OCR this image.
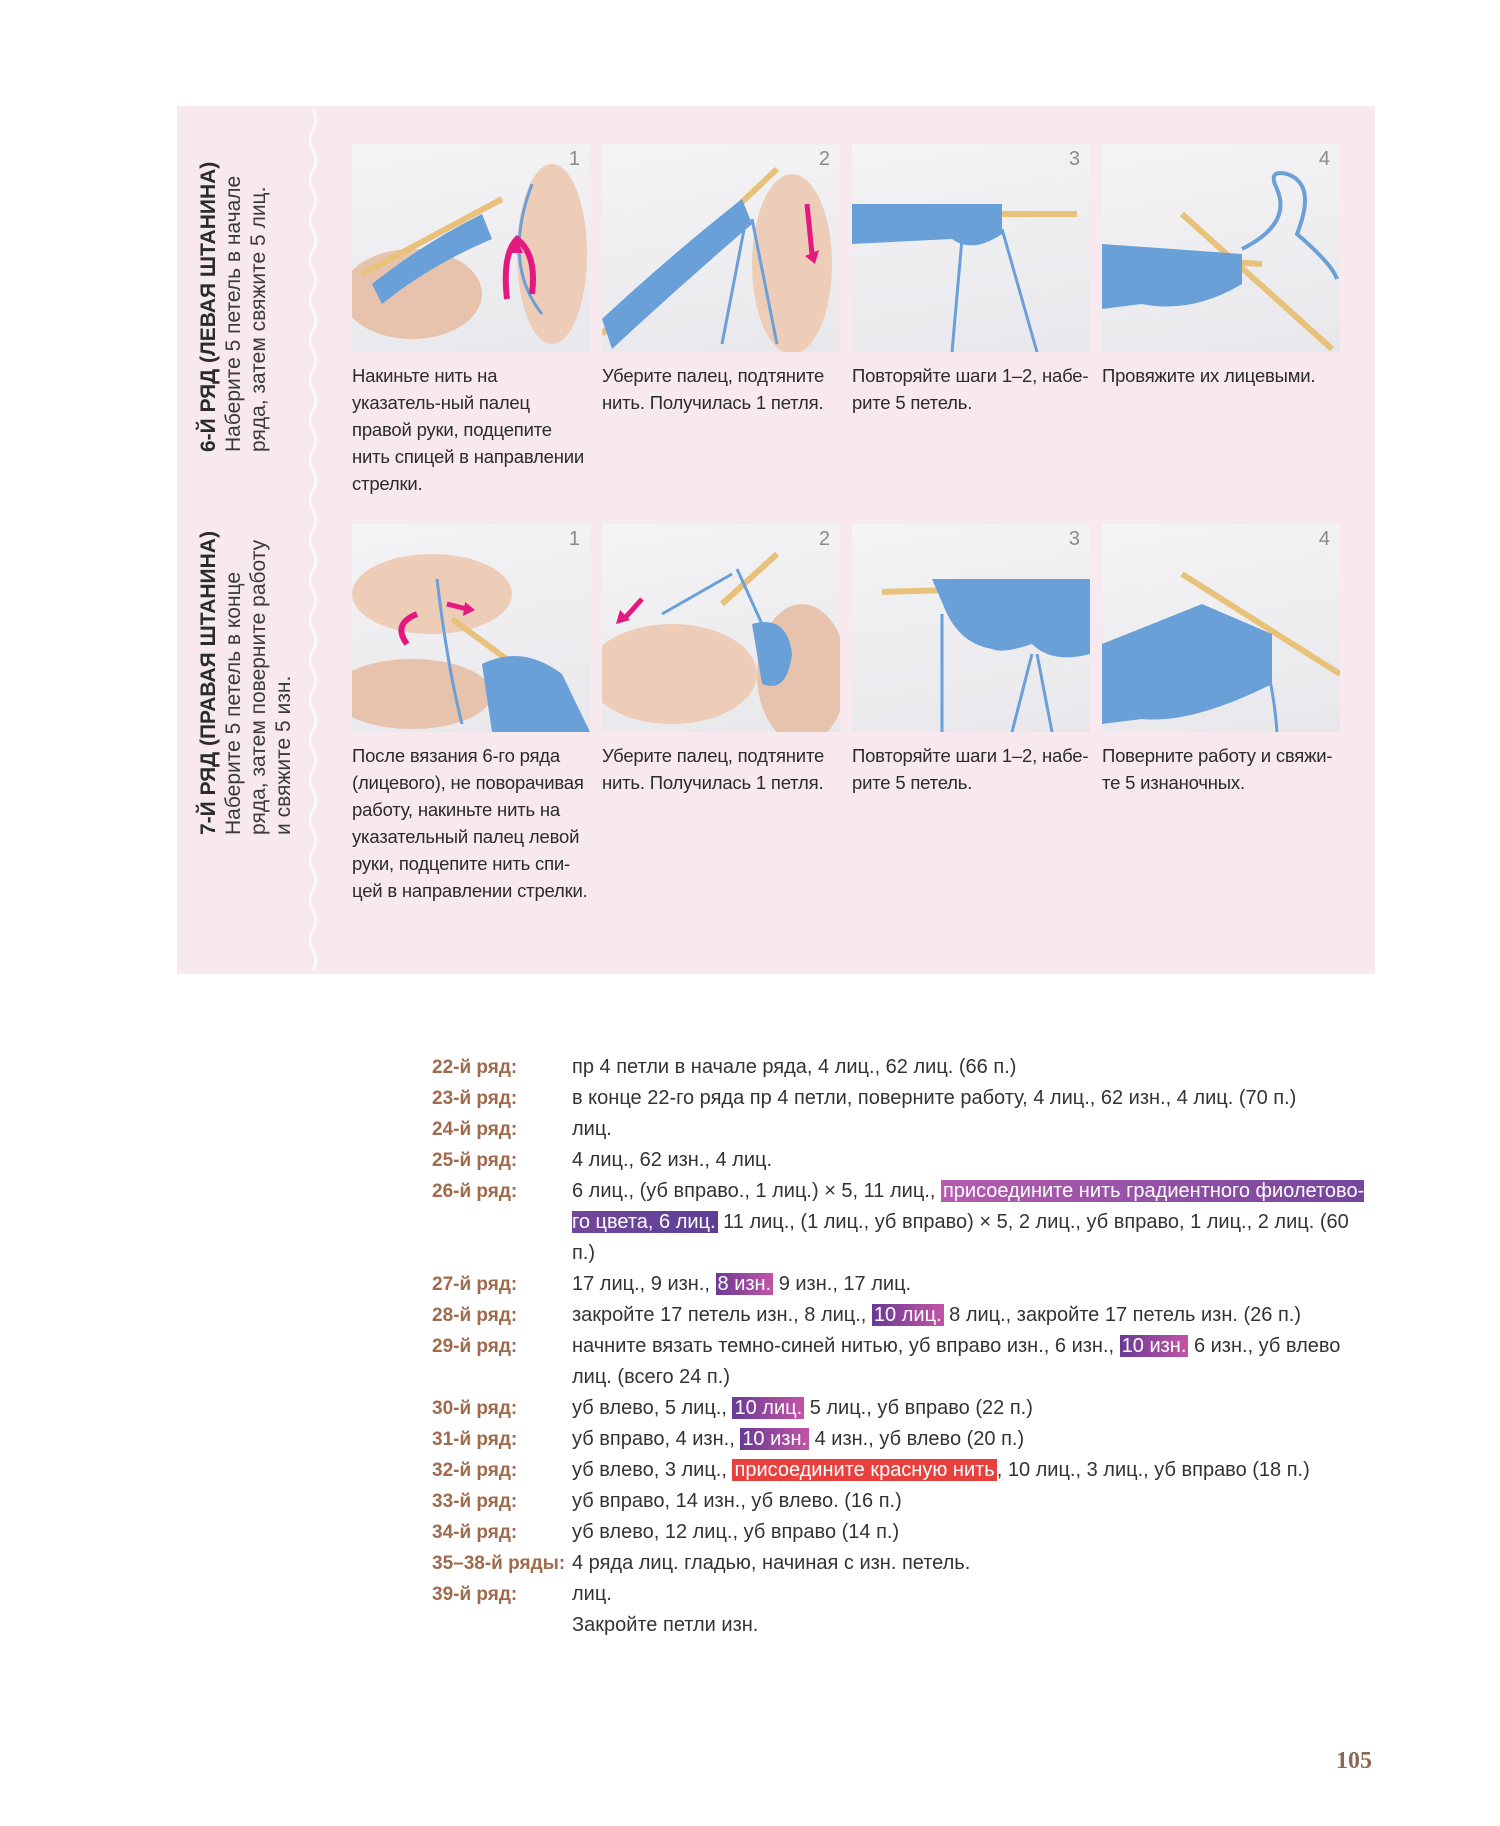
6-Й РЯД (ЛЕВАЯ ШТАНИНА) Наберите 5 петель в начале ряда, затем свяжите 5 лиц.
7-Й РЯД (ПРАВАЯ ШТАНИНА) Наберите 5 петель в конце ряда, затем поверните работу и свяжите 5 изн.
1
Накиньте нить на указатель-ный палец правой руки, подцепите нить спицей в направлении стрелки.
2
Уберите палец, подтяните нить. Получилась 1 петля.
3
Повторяйте шаги 1–2, набе-рите 5 петель.
4
Провяжите их лицевыми.
1
После вязания 6-го ряда (лицевого), не поворачивая работу, накиньте нить на указательный палец левой руки, подцепите нить спи-цей в направлении стрелки.
2
Уберите палец, подтяните нить. Получилась 1 петля.
3
Повторяйте шаги 1–2, набе-рите 5 петель.
4
Поверните работу и свяжи-те 5 изнаночных.
22-й ряд:	пр 4 петли в начале ряда, 4 лиц., 62 лиц. (66 п.)
23-й ряд:	в конце 22-го ряда пр 4 петли, поверните работу, 4 лиц., 62 изн., 4 лиц. (70 п.)
24-й ряд:	лиц.
25-й ряд:	4 лиц., 62 изн., 4 лиц.
26-й ряд:	6 лиц., (уб вправо., 1 лиц.) × 5, 11 лиц., присоедините нить градиентного фиолетово-го цвета, 6 лиц. 11 лиц., (1 лиц., уб вправо) × 5, 2 лиц., уб вправо, 1 лиц., 2 лиц. (60 п.)
27-й ряд:	17 лиц., 9 изн., 8 изн. 9 изн., 17 лиц.
28-й ряд:	закройте 17 петель изн., 8 лиц., 10 лиц. 8 лиц., закройте 17 петель изн. (26 п.)
29-й ряд:	начните вязать темно-синей нитью, уб вправо изн., 6 изн., 10 изн. 6 изн., уб влево лиц. (всего 24 п.)
30-й ряд:	уб влево, 5 лиц., 10 лиц. 5 лиц., уб вправо (22 п.)
31-й ряд:	уб вправо, 4 изн., 10 изн. 4 изн., уб влево (20 п.)
32-й ряд:	уб влево, 3 лиц., присоедините красную нить , 10 лиц., 3 лиц., уб вправо (18 п.)
33-й ряд:	уб вправо, 14 изн., уб влево. (16 п.)
34-й ряд:	уб влево, 12 лиц., уб вправо (14 п.)
35–38-й ряды: 4 ряда лиц. гладью, начиная с изн. петель.
39-й ряд:	лиц.
Закройте петли изн.
105
